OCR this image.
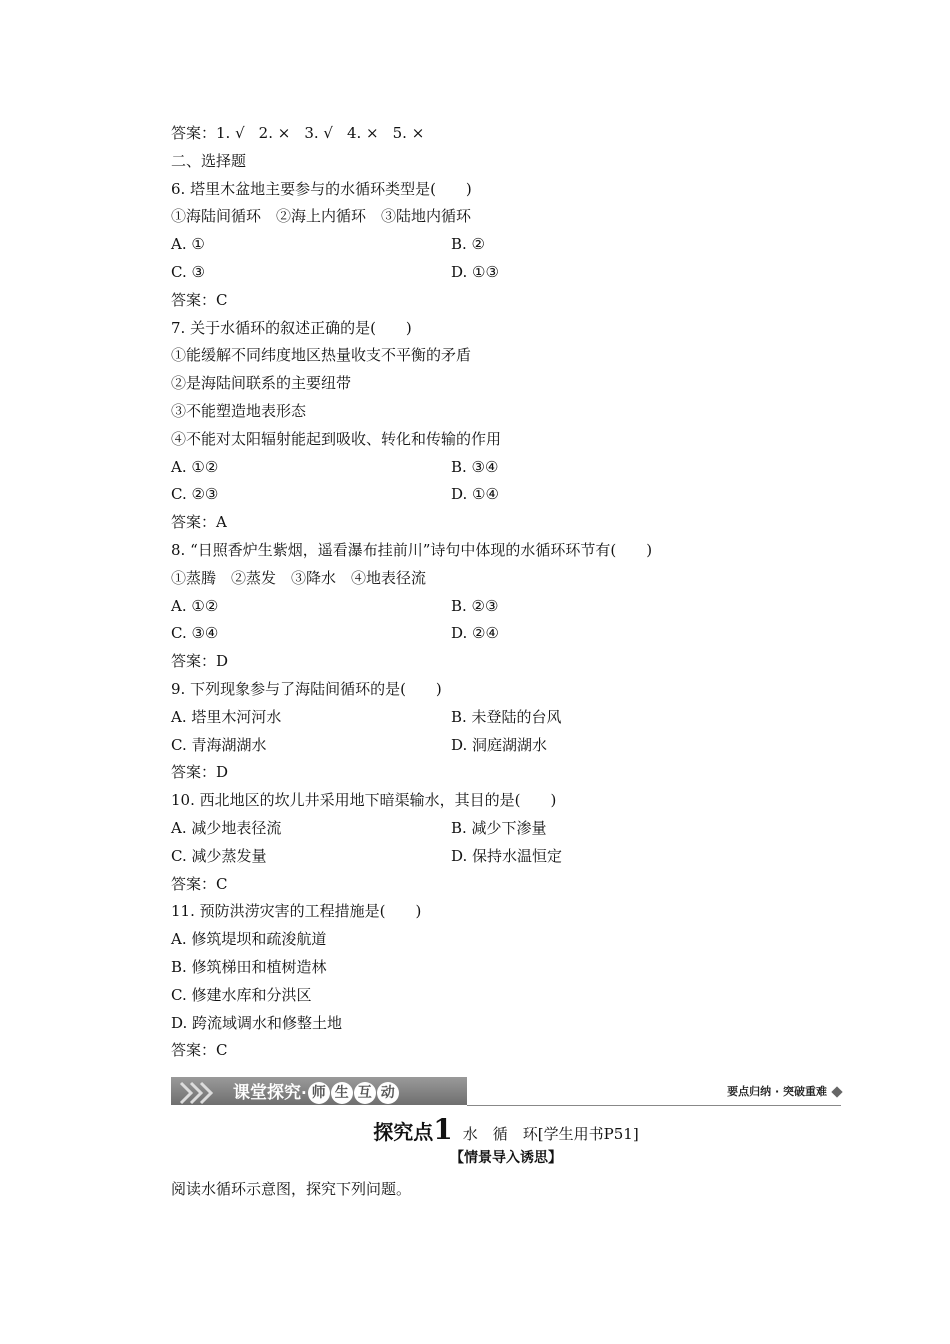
答案：1. √ 2. × 3. √ 4. × 5. ×
二、选择题
6. 塔里木盆地主要参与的水循环类型是(　　)
①海陆间循环　②海上内循环　③陆地内循环
A. ①	B. ②
C. ③	D. ①③
答案：C
7. 关于水循环的叙述正确的是(　　)
①能缓解不同纬度地区热量收支不平衡的矛盾
②是海陆间联系的主要纽带
③不能塑造地表形态
④不能对太阳辐射能起到吸收、转化和传输的作用
A. ①②	B. ③④
C. ②③	D. ①④
答案：A
8. “日照香炉生紫烟，遥看瀑布挂前川”诗句中体现的水循环环节有(　　)
①蒸腾　②蒸发　③降水　④地表径流
A. ①②	B. ②③
C. ③④	D. ②④
答案：D
9. 下列现象参与了海陆间循环的是(　　)
A. 塔里木河河水	B. 未登陆的台风
C. 青海湖湖水	D. 洞庭湖湖水
答案：D
10. 西北地区的坎儿井采用地下暗渠输水，其目的是(　　)
A. 减少地表径流	B. 减少下渗量
C. 减少蒸发量	D. 保持水温恒定
答案：C
11. 预防洪涝灾害的工程措施是(　　)
A. 修筑堤坝和疏浚航道
B. 修筑梯田和植树造林
C. 修建水库和分洪区
D. 跨流域调水和修整土地
答案：C
课堂探究· 师 生 互 动	要点归纳 · 突破重难
探究点1 水　循　环[学生用书P51]
【情景导入诱思】
阅读水循环示意图，探究下列问题。
